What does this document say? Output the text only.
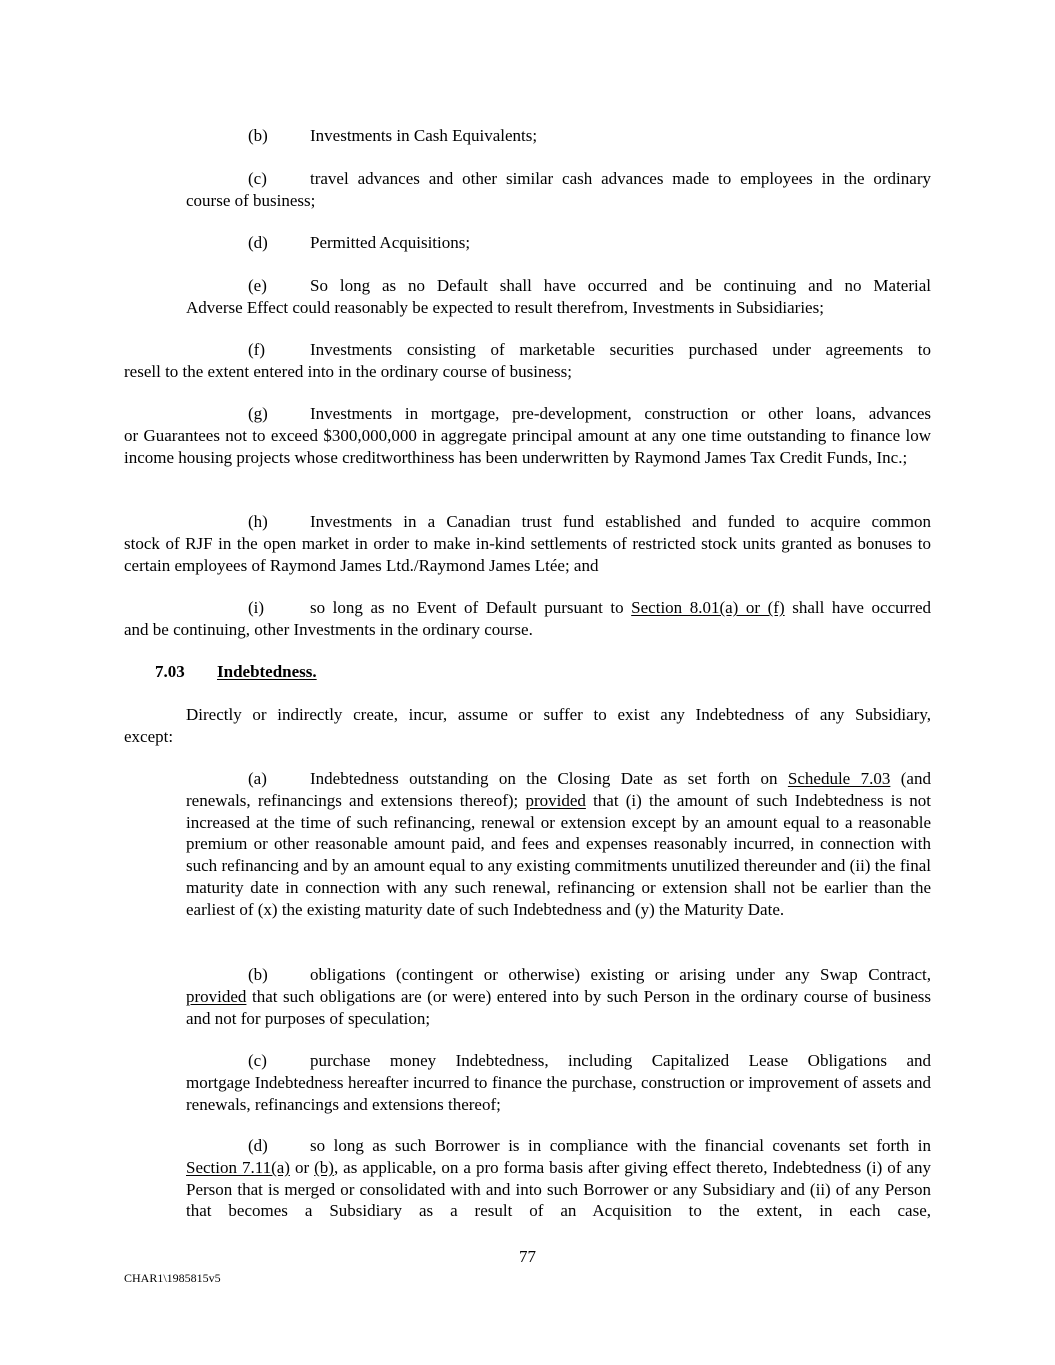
(b) Investments in Cash Equivalents;
(c)	travel advances and other similar cash advances made to employees in the ordinary
course of business;
(d) Permitted Acquisitions;
(e)	So long as no Default shall have occurred and be continuing and no Material
Adverse Effect could reasonably be expected to result therefrom, Investments in Subsidiaries;
(f)	Investments consisting of marketable securities purchased under agreements to
resell to the extent entered into in the ordinary course of business;
(g) Investments in mortgage, pre-development, construction or other loans, advances
or Guarantees not to exceed $300,000,000 in aggregate principal amount at any one time outstanding to finance low income housing projects whose creditworthiness has been underwritten by Raymond James Tax Credit Funds, Inc.;
(h) Investments in a Canadian trust fund established and funded to acquire common
stock of RJF in the open market in order to make in-kind settlements of restricted stock units granted as bonuses to certain employees of Raymond James Ltd./Raymond James Ltée; and
(i)	so long as no Event of Default pursuant to Section 8.01(a) or (f) shall have occurred
and be continuing, other Investments in the ordinary course.
7.03 Indebtedness.
Directly or indirectly create, incur, assume or suffer to exist any Indebtedness of any Subsidiary,
except:
(a)	Indebtedness outstanding on the Closing Date as set forth on Schedule 7.03 (and
renewals, refinancings and extensions thereof); provided that (i) the amount of such Indebtedness is not increased at the time of such refinancing, renewal or extension except by an amount equal to a reasonable premium or other reasonable amount paid, and fees and expenses reasonably incurred, in connection with such refinancing and by an amount equal to any existing commitments unutilized thereunder and (ii) the final maturity date in connection with any such renewal, refinancing or extension shall not be earlier than the earliest of (x) the existing maturity date of such Indebtedness and (y) the Maturity Date.
(b) obligations (contingent or otherwise) existing or arising under any Swap Contract,
provided that such obligations are (or were) entered into by such Person in the ordinary course of business and not for purposes of speculation;
(c)	purchase money Indebtedness, including Capitalized Lease Obligations and
mortgage Indebtedness hereafter incurred to finance the purchase, construction or improvement of assets and renewals, refinancings and extensions thereof;
(d) so long as such Borrower is in compliance with the financial covenants set forth in
Section 7.11(a) or (b), as applicable, on a pro forma basis after giving effect thereto, Indebtedness (i) of any Person that is merged or consolidated with and into such Borrower or any Subsidiary and (ii) of any Person that becomes a Subsidiary as a result of an Acquisition to the extent, in each case,
77
CHAR1\1985815v5
